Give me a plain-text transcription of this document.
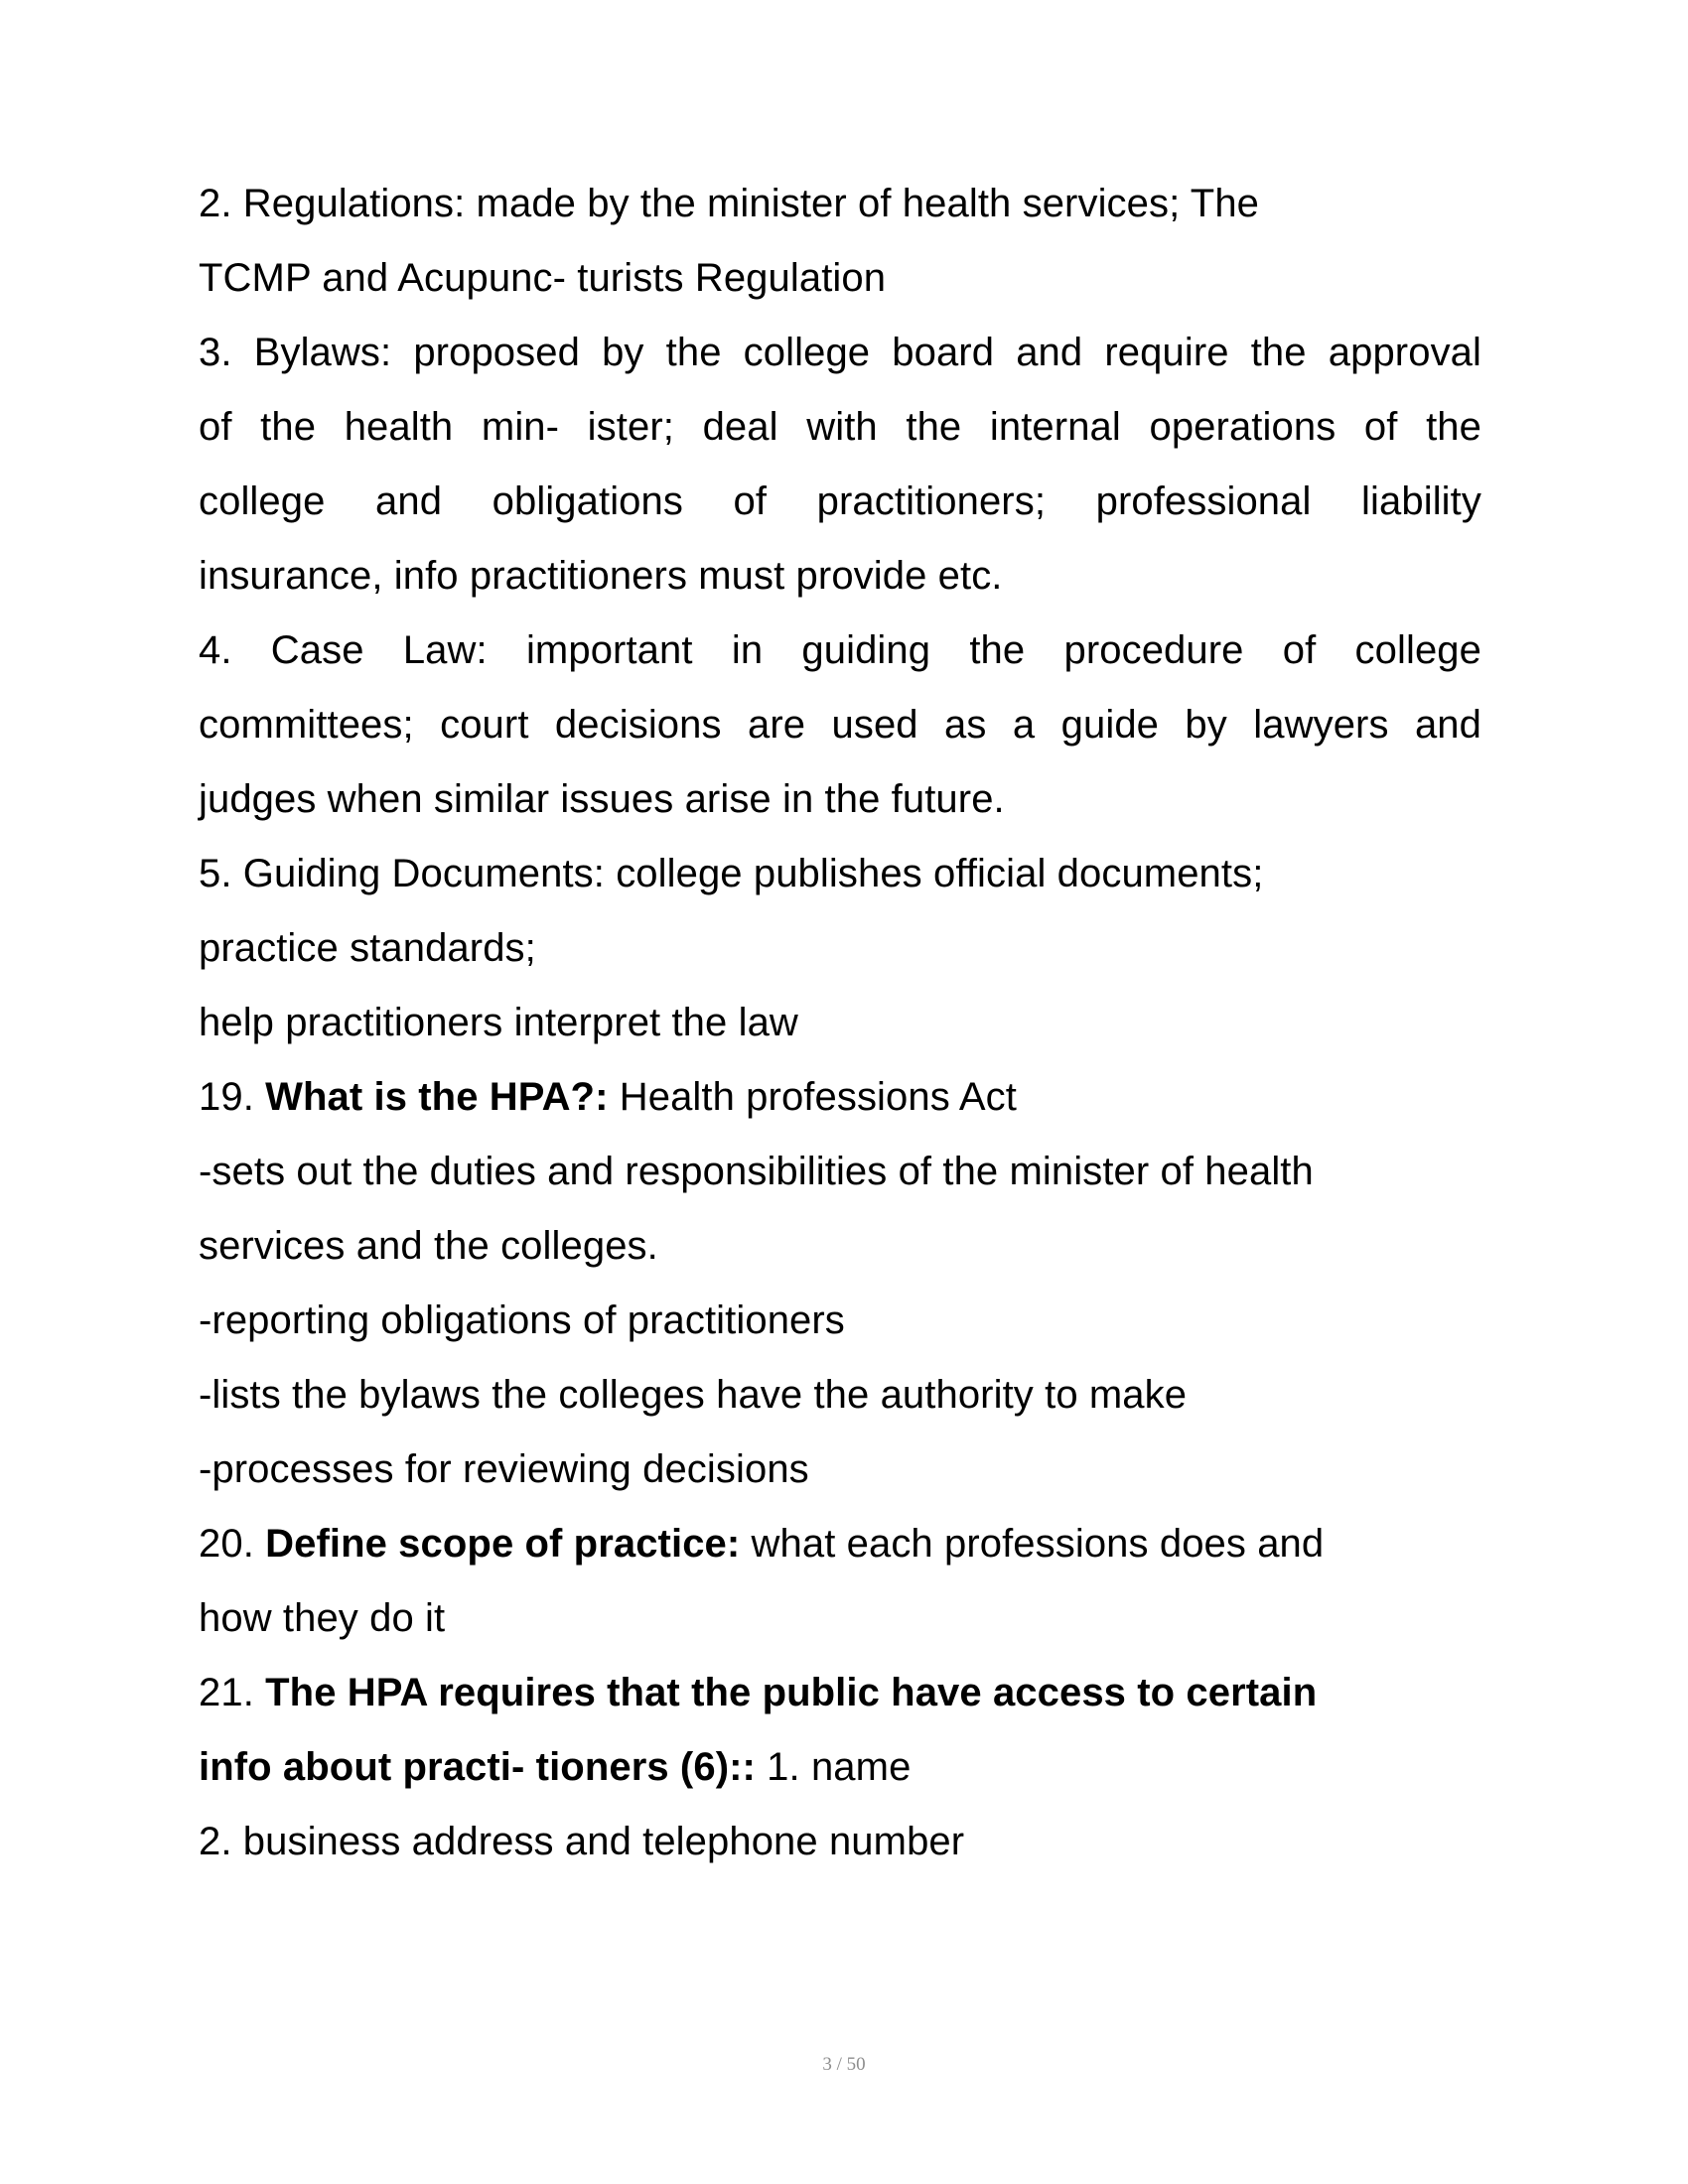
2. Regulations: made by the minister of health services; The
TCMP and Acupunc- turists Regulation
3. Bylaws: proposed by the college board and require the approval
of the health min- ister; deal with the internal operations of the
college and obligations of practitioners; professional liability
insurance, info practitioners must provide etc.
4. Case Law: important in guiding the procedure of college
committees; court decisions are used as a guide by lawyers and
judges when similar issues arise in the future.
5. Guiding Documents: college publishes official documents;
practice standards;
help practitioners interpret the law
19. What is the HPA?: Health professions Act
-sets out the duties and responsibilities of the minister of health
services and the colleges.
-reporting obligations of practitioners
-lists the bylaws the colleges have the authority to make
-processes for reviewing decisions
20. Define scope of practice: what each professions does and
how they do it
21. The HPA requires that the public have access to certain
info about practi- tioners (6):: 1. name
2. business address and telephone number
3 / 50
